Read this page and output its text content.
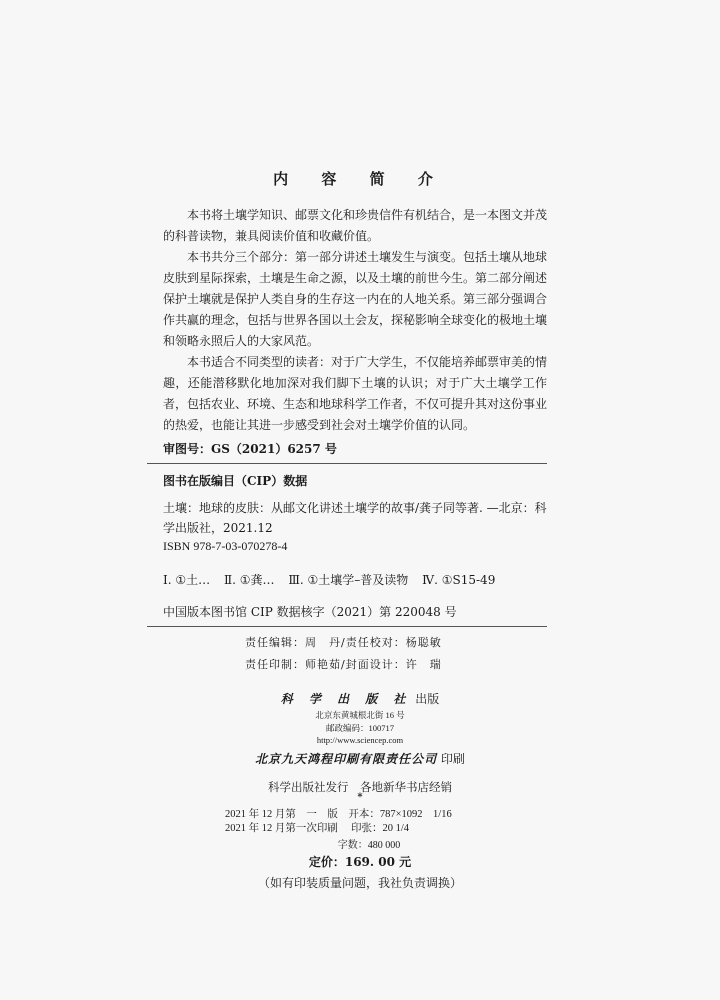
内 容 简 介

本书将土壤学知识、邮票文化和珍贵信件有机结合，是一本图文并茂的科普读物，兼具阅读价值和收藏价值。

本书共分三个部分：第一部分讲述土壤发生与演变。包括土壤从地球皮肤到星际探索，土壤是生命之源，以及土壤的前世今生。第二部分阐述保护土壤就是保护人类自身的生存这一内在的人地关系。第三部分强调合作共赢的理念，包括与世界各国以土会友，探秘影响全球变化的极地土壤和领略永照后人的大家风范。

本书适合不同类型的读者：对于广大学生，不仅能培养邮票审美的情趣，还能潜移默化地加深对我们脚下土壤的认识；对于广大土壤学工作者，包括农业、环境、生态和地球科学工作者，不仅可提升其对这份事业的热爱，也能让其进一步感受到社会对土壤学价值的认同。

审图号：GS（2021）6257 号
图书在版编目（CIP）数据
土壤：地球的皮肤：从邮文化讲述土壤学的故事/龚子同等著. —北京：科学出版社，2021.12
ISBN 978-7-03-070278-4
Ⅰ. ①土… Ⅱ. ①龚… Ⅲ. ①土壤学–普及读物 Ⅳ. ①S15-49
中国版本图书馆 CIP 数据核字（2021）第 220048 号
责任编辑：周　丹/责任校对：杨聪敏
责任印制：师艳茹/封面设计：许　瑞
科 学 出 版 社 出版
北京东黄城根北街 16 号
邮政编码：100717
http://www.sciencep.com
北京九天鸿程印刷有限责任公司 印刷
科学出版社发行　各地新华书店经销
*
2021 年 12 月第　一　版　开本：787×1092　1/16
2021 年 12 月第一次印刷　 印张：20 1/4
字数：480 000
定价：169. 00 元
（如有印装质量问题，我社负责调换）
